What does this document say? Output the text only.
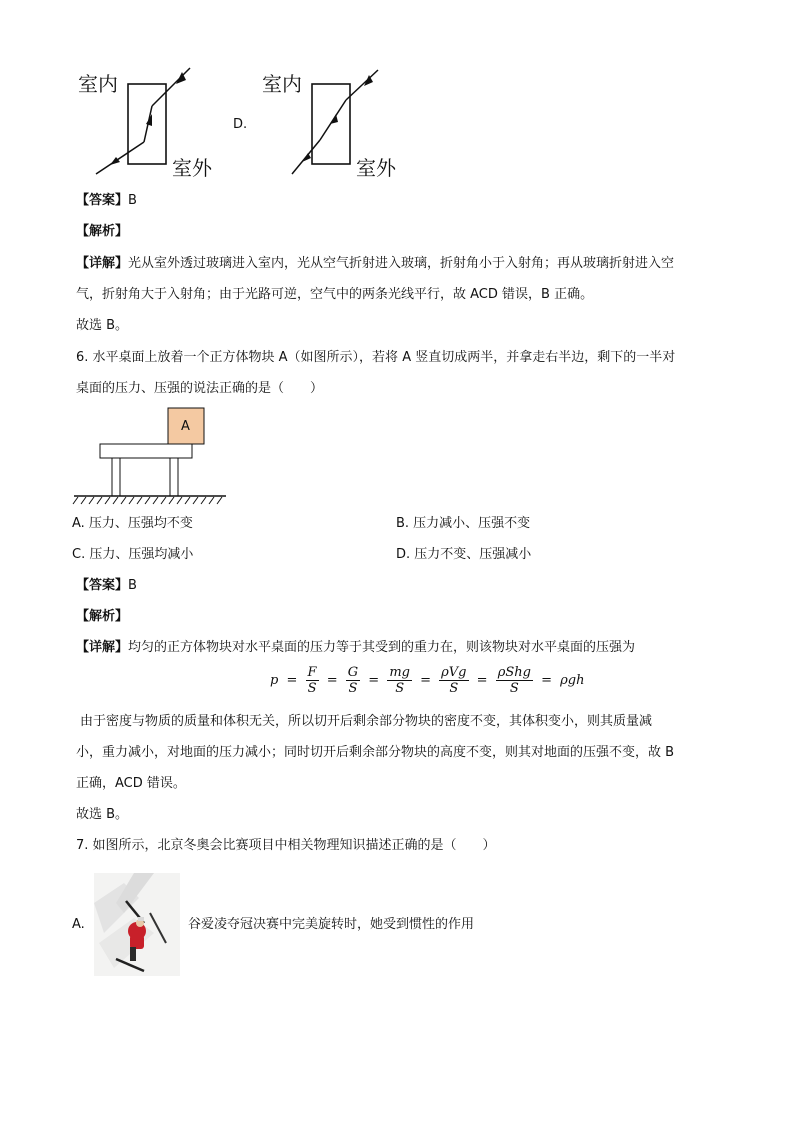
室内
室外
D.
室内
室外
【答案】B
【解析】
【详解】光从室外透过玻璃进入室内，光从空气折射进入玻璃，折射角小于入射角；再从玻璃折射进入空
气，折射角大于入射角；由于光路可逆，空气中的两条光线平行，故 ACD 错误，B 正确。
故选 B。
6. 水平桌面上放着一个正方体物块 A（如图所示），若将 A 竖直切成两半，并拿走右半边，剩下的一半对
桌面的压力、压强的说法正确的是（　　）
A
A. 压力、压强均不变	B. 压力减小、压强不变
C. 压力、压强均减小	D. 压力不变、压强减小
【答案】B
【解析】
【详解】均匀的正方体物块对水平桌面的压力等于其受到的重力在，则该物块对水平桌面的压强为
$p = \frac{F}{S} = \frac{G}{S} = \frac{mg}{S} = \frac{\text{ρVg}}{S} = \frac{\text{ρShg}}{S} = \rho gh$
由于密度与物质的质量和体积无关，所以切开后剩余部分物块的密度不变，其体积变小，则其质量减
小，重力减小，对地面的压力减小；同时切开后剩余部分物块的高度不变，则其对地面的压强不变，故 B
正确，ACD 错误。
故选 B。
7. 如图所示，北京冬奥会比赛项目中相关物理知识描述正确的是（　　）
A.	谷爱凌夺冠决赛中完美旋转时，她受到惯性的作用
